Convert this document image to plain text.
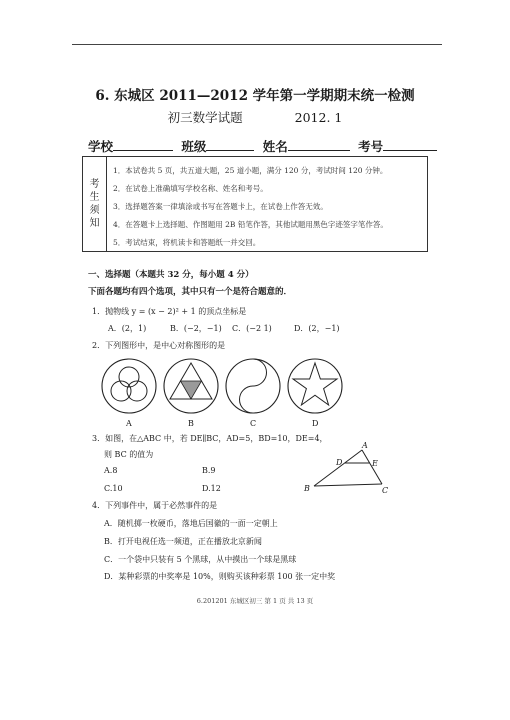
6. 东城区 2011—2012 学年第一学期期末统一检测
初三数学试题	2012. 1
学校	班级	姓名	考号
考
生
须
知
1．本试卷共 5 页，共五道大题，25 道小题，满分 120 分，考试时间 120 分钟。
2．在试卷上准确填写学校名称、姓名和考号。
3．选择题答案一律填涂或书写在答题卡上，在试卷上作答无效。
4．在答题卡上选择题、作图题用 2B 铅笔作答，其他试题用黑色字迹签字笔作答。
5．考试结束，将机读卡和答题纸一并交回。
一、选择题（本题共 32 分，每小题 4 分）
下面各题均有四个选项，其中只有一个是符合题意的．
1．抛物线 y = (x − 2)² + 1 的顶点坐标是
A．(2，1)	B．(−2，−1) C．(−2 1)	D．(2，−1)
2．下列图形中，是中心对称图形的是
A	B	C	D
3．如图，在△ABC 中，若 DE∥BC，AD=5，BD=10，DE=4，
则 BC 的值为
A.8	B.9
C.10	D.12
A
D	E
B	C
4．下列事件中，属于必然事件的是
A．随机掷一枚硬币，落地后国徽的一面一定朝上
B．打开电视任选一频道，正在播放北京新闻
C．一个袋中只装有 5 个黑球，从中摸出一个球是黑球
D．某种彩票的中奖率是 10%，则购买该种彩票 100 张一定中奖
6.201201 东城区初三 第 1 页 共 13 页
